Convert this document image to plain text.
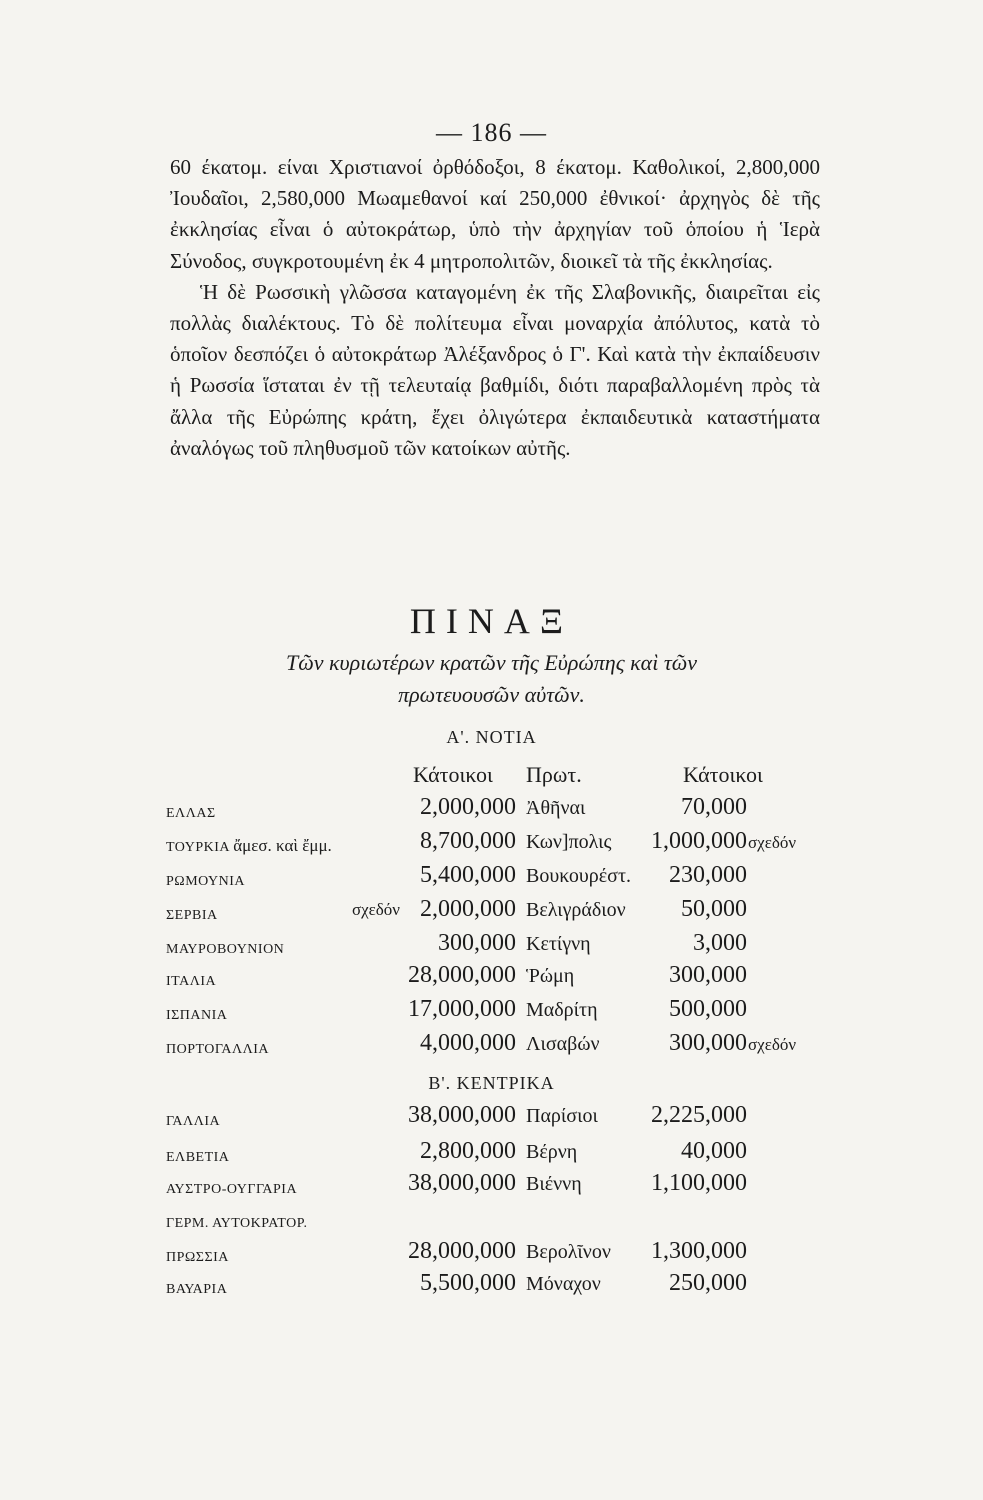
— 186 —

60 έκατομ. είναι Χριστιανοί ὀρθόδοξοι, 8 έκατομ. Καθολικοί, 2,800,000 Ἰουδαῖοι, 2,580,000 Μωαμεθανοί καί 250,000 ἐθνικοί· ἀρχηγὸς δὲ τῆς ἐκκλησίας εἶναι ὁ αὐτοκράτωρ, ὑπὸ τὴν ἀρχηγίαν τοῦ ὁποίου ἡ Ἱερὰ Σύνοδος, συγκροτουμένη ἐκ 4 μητροπολιτῶν, διοικεῖ τὰ τῆς ἐκκλησίας.

Ἡ δὲ Ρωσσικὴ γλῶσσα καταγομένη ἐκ τῆς Σλαβονικῆς, διαιρεῖται εἰς πολλὰς διαλέκτους. Τὸ δὲ πολίτευμα εἶναι μοναρχία ἀπόλυτος, κατὰ τὸ ὁποῖον δεσπόζει ὁ αὐτοκράτωρ Ἀλέξανδρος ὁ Γ'. Καὶ κατὰ τὴν ἐκπαίδευσιν ἡ Ρωσσία ἵσταται ἐν τῇ τελευταίᾳ βαθμίδι, διότι παραβαλλομένη πρὸς τὰ ἄλλα τῆς Εὐρώπης κράτη, ἔχει ὀλιγώτερα ἐκπαιδευτικὰ καταστήματα ἀναλόγως τοῦ πληθυσμοῦ τῶν κατοίκων αὐτῆς.

ΠΙΝΑΞ
Τῶν κυριωτέρων κρατῶν τῆς Εὐρώπης καὶ τῶν
πρωτευουσῶν αὐτῶν.
Α'. ΝΟΤΙΑ
Κάτοικοι Πρωτ.	Κάτοικοι
ΕΛΛΑΣ	2,000,000 Ἀθῆναι	70,000
ΤΟΥΡΚΙΑ ἄμεσ. καὶ ἔμμ.	8,700,000 Κων]πολις 1,000,000 σχεδόν
ΡΩΜΟΥΝΙΑ	5,400,000 Βουκουρέστ. 230,000
ΣΕΡΒΙΑ	σχεδόν 2,000,000 Βελιγράδιον 50,000
ΜΑΥΡΟΒΟΥΝΙΟΝ	300,000 Κετίγνη	3,000
ΙΤΑΛΙΑ	28,000,000 Ῥώμη	300,000
ΙΣΠΑΝΙΑ	17,000,000 Μαδρίτη	500,000
ΠΟΡΤΟΓΑΛΛΙΑ	4,000,000 Λισαβών	300,000 σχεδόν
Β'. ΚΕΝΤΡΙΚΑ
ΓΑΛΛΙΑ	38,000,000 Παρίσιοι 2,225,000
ΕΛΒΕΤΙΑ	2,800,000 Βέρνη	40,000
ΑΥΣΤΡΟ-ΟΥΓΓΑΡΙΑ	38,000,000 Βιέννη	1,100,000
ΓΕΡΜ. ΑΥΤΟΚΡΑΤΟΡ.
ΠΡΩΣΣΙΑ	28,000,000 Βερολῖνον 1,300,000
ΒΑΥΑΡΙΑ	5,500,000 Μόναχον	250,000
